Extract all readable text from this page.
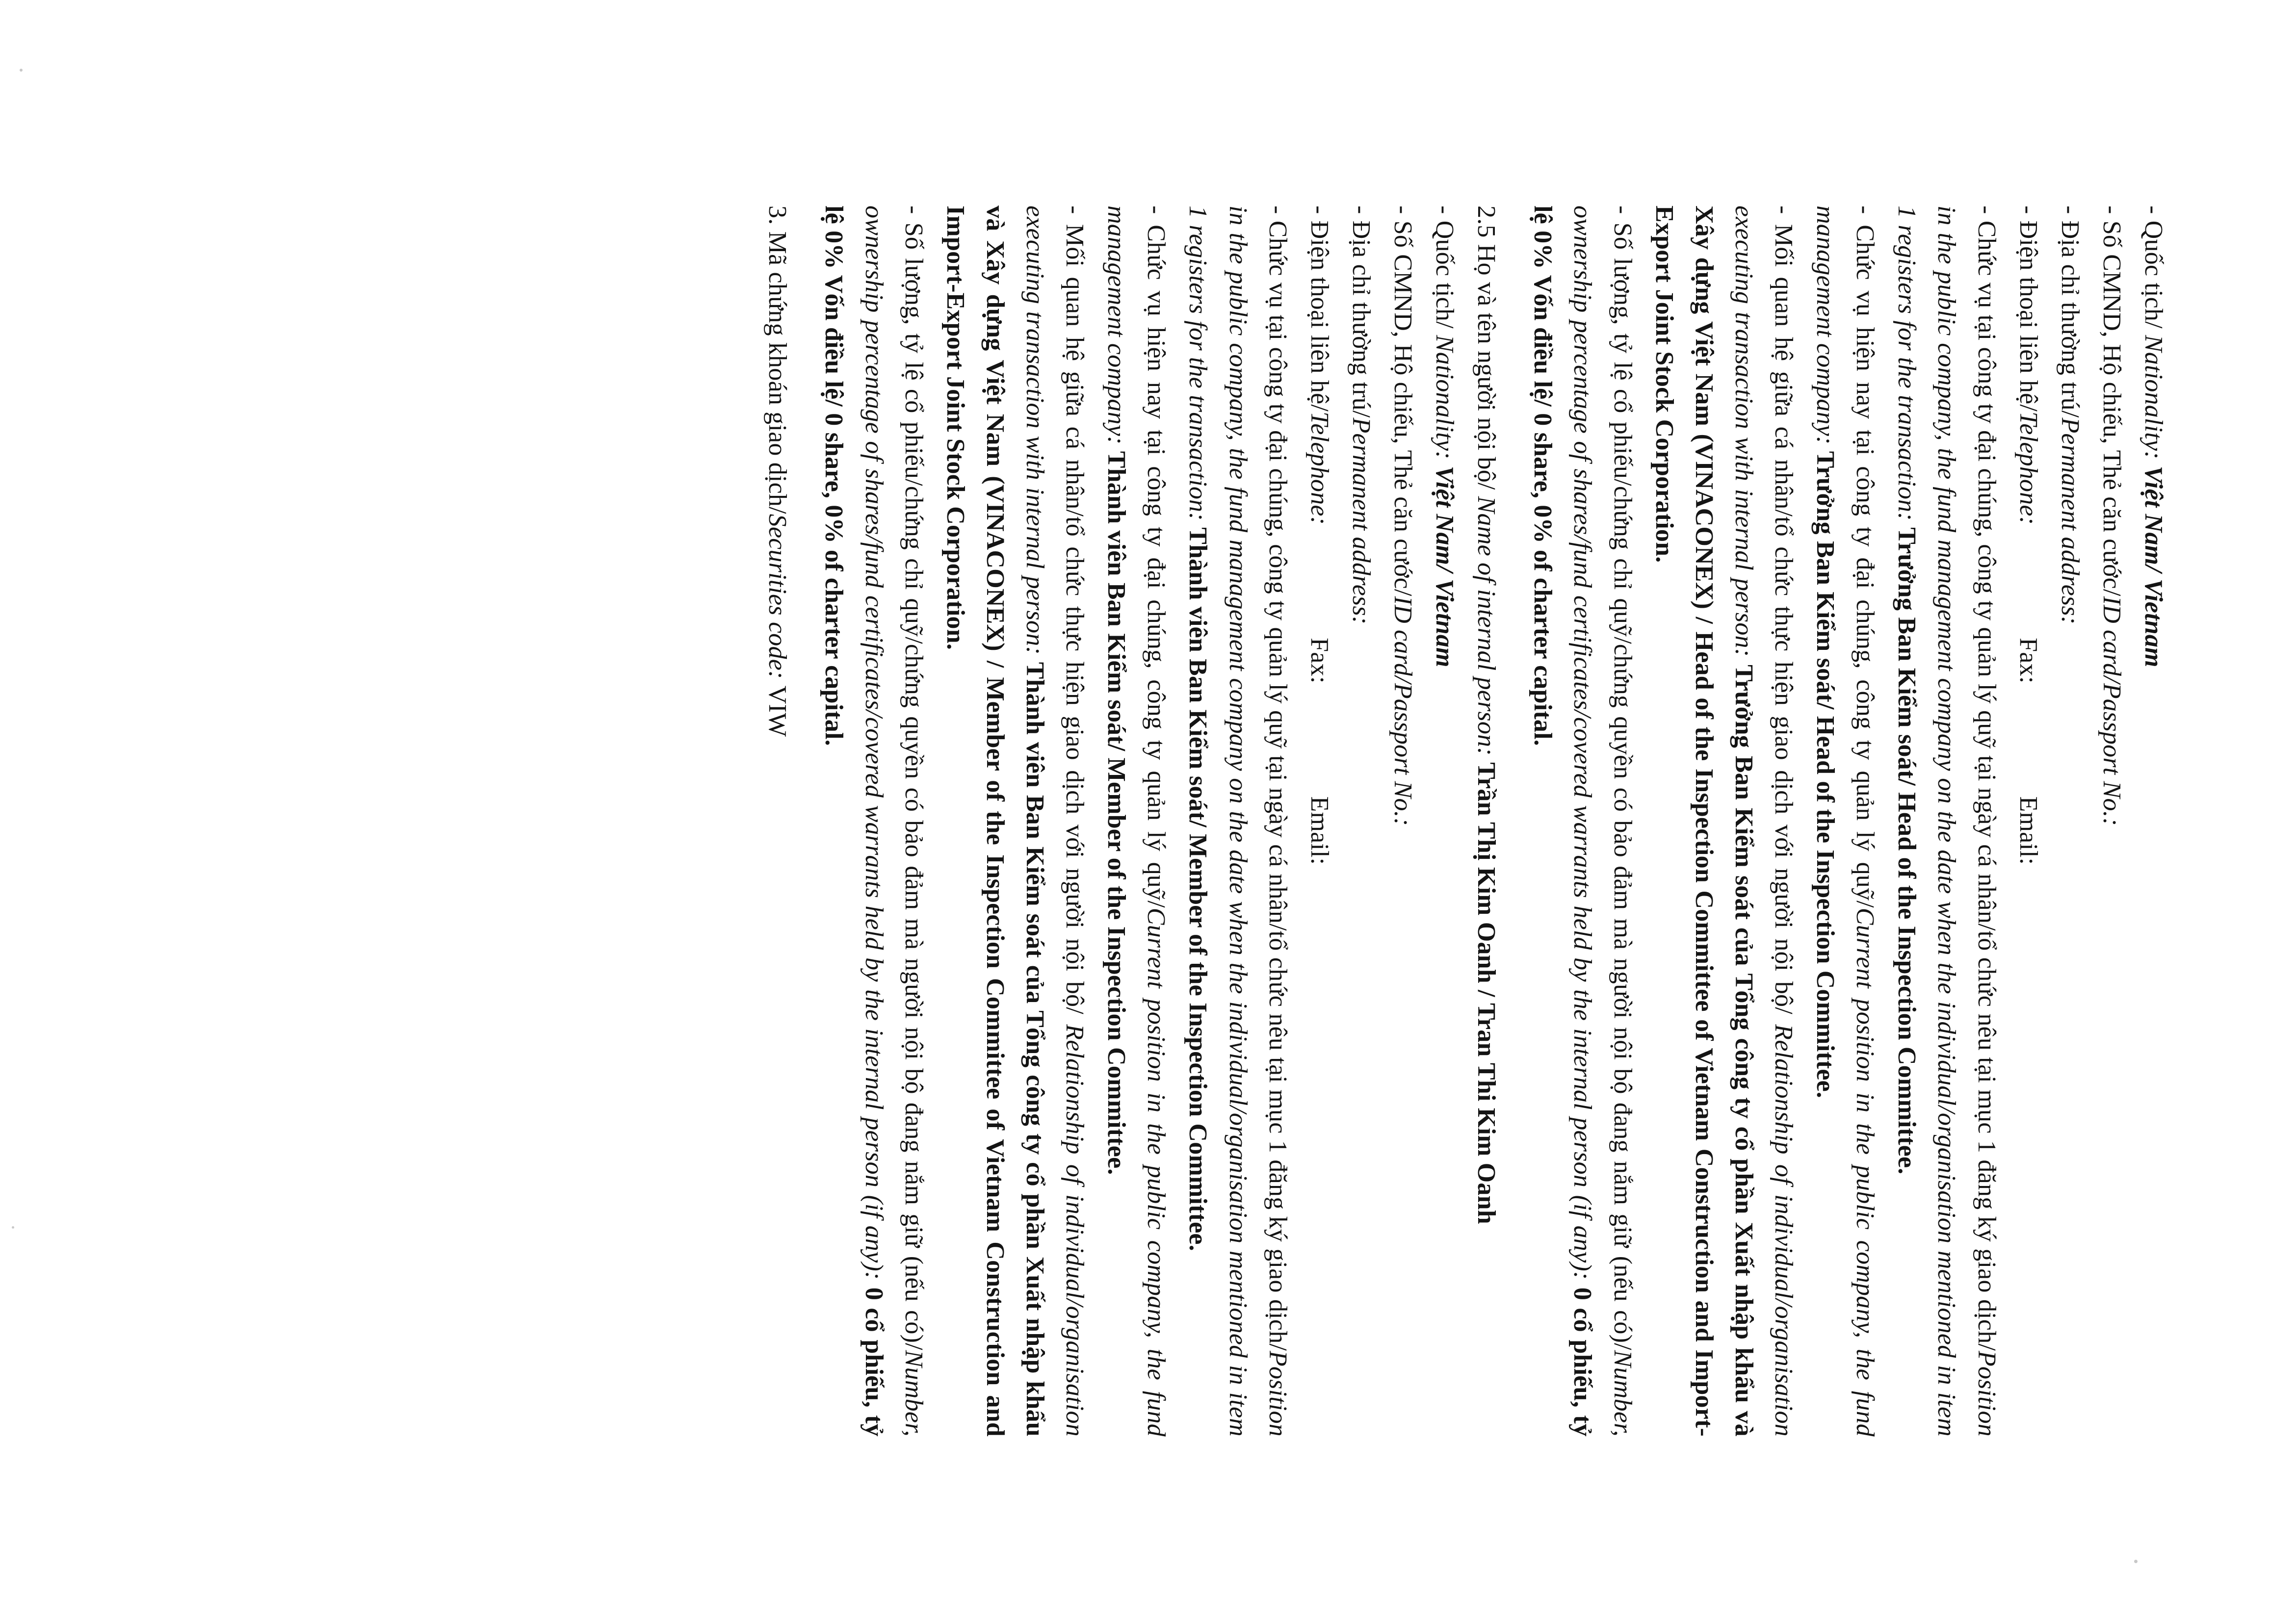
- Quốc tịch/ Nationality: Việt Nam/ Vietnam
- Số CMND, Hộ chiếu, Thẻ căn cước/ID card/Passport No.:
- Địa chỉ thường trú/Permanent address:
- Điện thoại liên hệ/Telephone:Fax:Email:
- Chức vụ tại công ty đại chúng, công ty quản lý quỹ tại ngày cá nhân/tổ chức nêu tại mục 1 đăng ký giao dịch/Position in the public company, the fund management company on the date when the individual/organisation mentioned in item 1 registers for the transaction: Trưởng Ban Kiểm soát/ Head of the Inspection Committee.
- Chức vụ hiện nay tại công ty đại chúng, công ty quản lý quỹ/Current position in the public company, the fund management company: Trưởng Ban Kiểm soát/ Head of the Inspection Committee.
- Mối quan hệ giữa cá nhân/tổ chức thực hiện giao dịch với người nội bộ/ Relationship of individual/organisation executing transaction with internal person: Trưởng Ban Kiểm soát của Tổng công ty cổ phần Xuất nhập khẩu và Xây dựng Việt Nam (VINACONEX) / Head of the Inspection Committee of Vietnam Construction and Import-Export Joint Stock Corporation.
- Số lượng, tỷ lệ cổ phiếu/chứng chỉ quỹ/chứng quyền có bảo đảm mà người nội bộ đang nắm giữ (nếu có)/Number, ownership percentage of shares/fund certificates/covered warrants held by the internal person (if any): 0 cổ phiếu, tỷ lệ 0% Vốn điều lệ/ 0 share, 0% of charter capital.
2.5 Họ và tên người nội bộ/ Name of internal person: Trần Thị Kim Oanh / Tran Thi Kim Oanh
- Quốc tịch/ Nationality: Việt Nam/ Vietnam
- Số CMND, Hộ chiếu, Thẻ căn cước/ID card/Passport No.:
- Địa chỉ thường trú/Permanent address:
- Điện thoại liên hệ/Telephone:Fax:Email:
- Chức vụ tại công ty đại chúng, công ty quản lý quỹ tại ngày cá nhân/tổ chức nêu tại mục 1 đăng ký giao dịch/Position in the public company, the fund management company on the date when the individual/organisation mentioned in item 1 registers for the transaction: Thành viên Ban Kiểm soát/ Member of the Inspection Committee.
- Chức vụ hiện nay tại công ty đại chúng, công ty quản lý quỹ/Current position in the public company, the fund management company: Thành viên Ban Kiểm soát/ Member of the Inspection Committee.
- Mối quan hệ giữa cá nhân/tổ chức thực hiện giao dịch với người nội bộ/ Relationship of individual/organisation executing transaction with internal person: Thành viên Ban Kiểm soát của Tổng công ty cổ phần Xuất nhập khẩu và Xây dựng Việt Nam (VINACONEX) / Member of the Inspection Committee of Vietnam Construction and Import-Export Joint Stock Corporation.
- Số lượng, tỷ lệ cổ phiếu/chứng chỉ quỹ/chứng quyền có bảo đảm mà người nội bộ đang nắm giữ (nếu có)/Number, ownership percentage of shares/fund certificates/covered warrants held by the internal person (if any): 0 cổ phiếu, tỷ lệ 0% Vốn điều lệ/ 0 share, 0% of charter capital.
3. Mã chứng khoán giao dịch/Securities code: VIW
